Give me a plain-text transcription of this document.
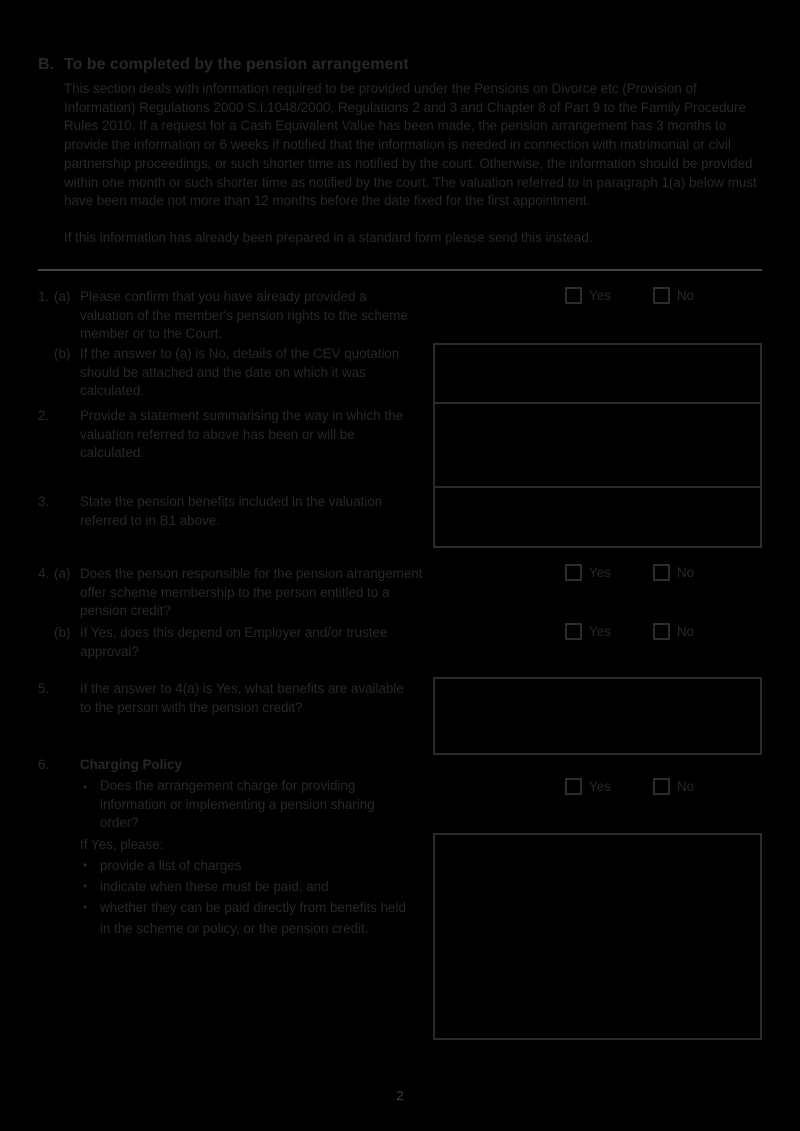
B. To be completed by the pension arrangement
This section deals with information required to be provided under the Pensions on Divorce etc (Provision of Information) Regulations 2000 S.I.1048/2000, Regulations 2 and 3 and Chapter 8 of Part 9 to the Family Procedure Rules 2010. If a request for a Cash Equivalent Value has been made, the pension arrangement has 3 months to provide the information or 6 weeks if notified that the information is needed in connection with matrimonial or civil partnership proceedings, or such shorter time as notified by the court. Otherwise, the information should be provided within one month or such shorter time as notified by the court. The valuation referred to in paragraph 1(a) below must have been made not more than 12 months before the date fixed for the first appointment.
If this information has already been prepared in a standard form please send this instead.
1. (a) Please confirm that you have already provided a valuation of the member's pension rights to the scheme member or to the Court.
Yes	No
(b) If the answer to (a) is No, details of the CEV quotation should be attached and the date on which it was calculated.
2. Provide a statement summarising the way in which the valuation referred to above has been or will be calculated.
3. State the pension benefits included in the valuation referred to in B1 above.
4. (a) Does the person responsible for the pension arrangement offer scheme membership to the person entitled to a pension credit?
Yes	No
(b) If Yes, does this depend on Employer and/or trustee approval?
Yes	No
5. If the answer to 4(a) is Yes, what benefits are available to the person with the pension credit?
6. Charging Policy
• Does the arrangement charge for providing information or implementing a pension sharing order?
Yes	No
If Yes, please:
• provide a list of charges
• indicate when these must be paid, and
• whether they can be paid directly from benefits held in the scheme or policy, or the pension credit.
2
